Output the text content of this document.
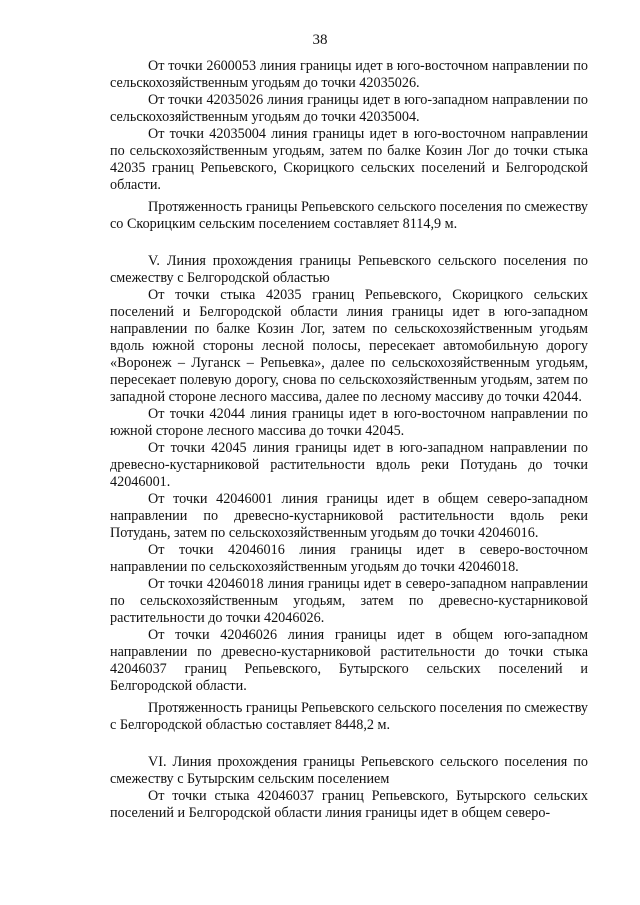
38

От точки 2600053 линия границы идет в юго-восточном направлении по сельскохозяйственным угодьям до точки 42035026.

От точки 42035026 линия границы идет в юго-западном направлении по сельскохозяйственным угодьям до точки 42035004.

От точки 42035004 линия границы идет в юго-восточном направлении по сельскохозяйственным угодьям, затем по балке Козин Лог до точки стыка 42035 границ Репьевского, Скорицкого сельских поселений и Белгородской области.

Протяженность границы Репьевского сельского поселения по смежеству со Скорицким сельским поселением составляет 8114,9 м.

V. Линия прохождения границы Репьевского сельского поселения по смежеству с Белгородской областью

От точки стыка 42035 границ Репьевского, Скорицкого сельских поселений и Белгородской области линия границы идет в юго-западном направлении по балке Козин Лог, затем по сельскохозяйственным угодьям вдоль южной стороны лесной полосы, пересекает автомобильную дорогу «Воронеж – Луганск – Репьевка», далее по сельскохозяйственным угодьям, пересекает полевую дорогу, снова по сельскохозяйственным угодьям, затем по западной стороне лесного массива, далее по лесному массиву до точки 42044.

От точки 42044 линия границы идет в юго-восточном направлении по южной стороне лесного массива до точки 42045.

От точки 42045 линия границы идет в юго-западном направлении по древесно-кустарниковой растительности вдоль реки Потудань до точки 42046001.

От точки 42046001 линия границы идет в общем северо-западном направлении по древесно-кустарниковой растительности вдоль реки Потудань, затем по сельскохозяйственным угодьям до точки 42046016.

От точки 42046016 линия границы идет в северо-восточном направлении по сельскохозяйственным угодьям до точки 42046018.

От точки 42046018 линия границы идет в северо-западном направлении по сельскохозяйственным угодьям, затем по древесно-кустарниковой растительности до точки 42046026.

От точки 42046026 линия границы идет в общем юго-западном направлении по древесно-кустарниковой растительности до точки стыка 42046037 границ Репьевского, Бутырского сельских поселений и Белгородской области.

Протяженность границы Репьевского сельского поселения по смежеству с Белгородской областью составляет 8448,2 м.

VI. Линия прохождения границы Репьевского сельского поселения по смежеству с Бутырским сельским поселением

От точки стыка 42046037 границ Репьевского, Бутырского сельских поселений и Белгородской области линия границы идет в общем северо-
